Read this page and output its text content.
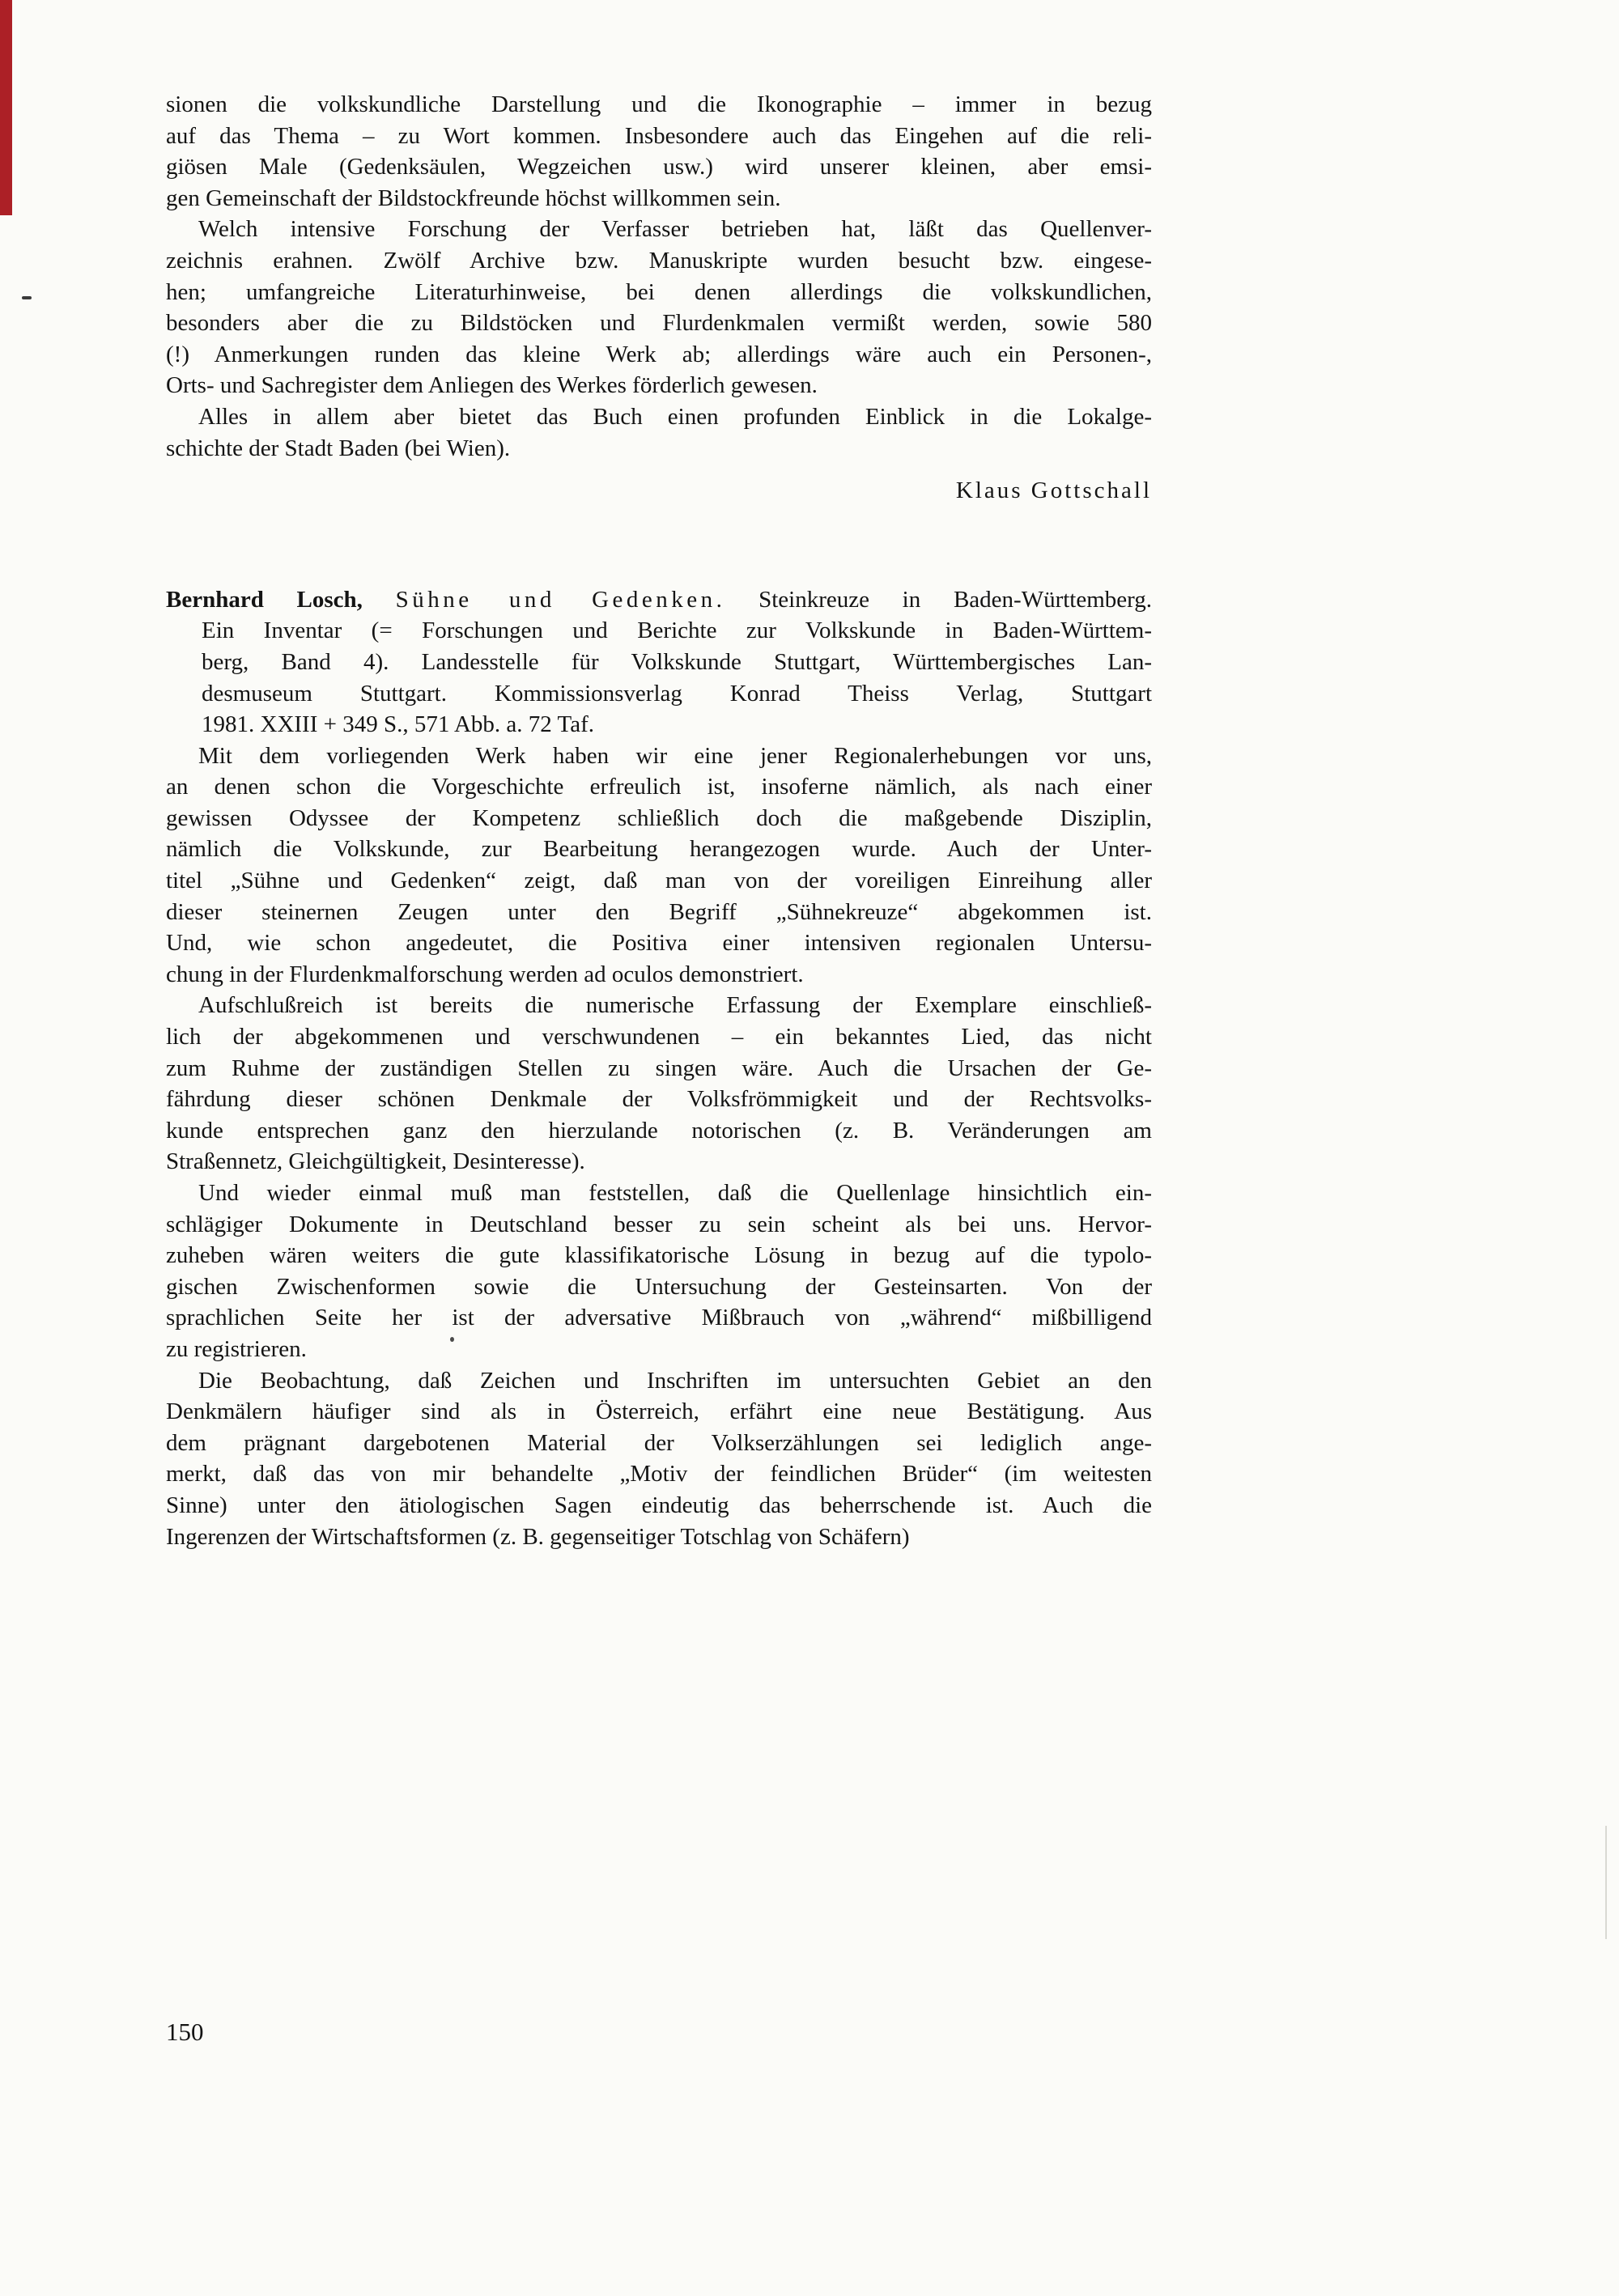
sionen die volkskundliche Darstellung und die Ikonographie – immer in bezug
auf das Thema – zu Wort kommen. Insbesondere auch das Eingehen auf die reli-
giösen Male (Gedenksäulen, Wegzeichen usw.) wird unserer kleinen, aber emsi-
gen Gemeinschaft der Bildstockfreunde höchst willkommen sein.
Welch intensive Forschung der Verfasser betrieben hat, läßt das Quellenver-
zeichnis erahnen. Zwölf Archive bzw. Manuskripte wurden besucht bzw. eingese-
hen; umfangreiche Literaturhinweise, bei denen allerdings die volkskundlichen,
besonders aber die zu Bildstöcken und Flurdenkmalen vermißt werden, sowie 580
(!) Anmerkungen runden das kleine Werk ab; allerdings wäre auch ein Personen-,
Orts- und Sachregister dem Anliegen des Werkes förderlich gewesen.
Alles in allem aber bietet das Buch einen profunden Einblick in die Lokalge-
schichte der Stadt Baden (bei Wien).
Klaus Gottschall
Bernhard Losch, Sühne und Gedenken. Steinkreuze in Baden-Württemberg.
Ein Inventar (= Forschungen und Berichte zur Volkskunde in Baden-Württem-
berg, Band 4). Landesstelle für Volkskunde Stuttgart, Württembergisches Lan-
desmuseum Stuttgart. Kommissionsverlag Konrad Theiss Verlag, Stuttgart
1981. XXIII + 349 S., 571 Abb. a. 72 Taf.
Mit dem vorliegenden Werk haben wir eine jener Regionalerhebungen vor uns,
an denen schon die Vorgeschichte erfreulich ist, insoferne nämlich, als nach einer
gewissen Odyssee der Kompetenz schließlich doch die maßgebende Disziplin,
nämlich die Volkskunde, zur Bearbeitung herangezogen wurde. Auch der Unter-
titel „Sühne und Gedenken“ zeigt, daß man von der voreiligen Einreihung aller
dieser steinernen Zeugen unter den Begriff „Sühnekreuze“ abgekommen ist.
Und, wie schon angedeutet, die Positiva einer intensiven regionalen Untersu-
chung in der Flurdenkmalforschung werden ad oculos demonstriert.
Aufschlußreich ist bereits die numerische Erfassung der Exemplare einschließ-
lich der abgekommenen und verschwundenen – ein bekanntes Lied, das nicht
zum Ruhme der zuständigen Stellen zu singen wäre. Auch die Ursachen der Ge-
fährdung dieser schönen Denkmale der Volksfrömmigkeit und der Rechtsvolks-
kunde entsprechen ganz den hierzulande notorischen (z. B. Veränderungen am
Straßennetz, Gleichgültigkeit, Desinteresse).
Und wieder einmal muß man feststellen, daß die Quellenlage hinsichtlich ein-
schlägiger Dokumente in Deutschland besser zu sein scheint als bei uns. Hervor-
zuheben wären weiters die gute klassifikatorische Lösung in bezug auf die typolo-
gischen Zwischenformen sowie die Untersuchung der Gesteinsarten. Von der
sprachlichen Seite her ist der adversative Mißbrauch von „während“ mißbilligend
zu registrieren.
Die Beobachtung, daß Zeichen und Inschriften im untersuchten Gebiet an den
Denkmälern häufiger sind als in Österreich, erfährt eine neue Bestätigung. Aus
dem prägnant dargebotenen Material der Volkserzählungen sei lediglich ange-
merkt, daß das von mir behandelte „Motiv der feindlichen Brüder“ (im weitesten
Sinne) unter den ätiologischen Sagen eindeutig das beherrschende ist. Auch die
Ingerenzen der Wirtschaftsformen (z. B. gegenseitiger Totschlag von Schäfern)
150
